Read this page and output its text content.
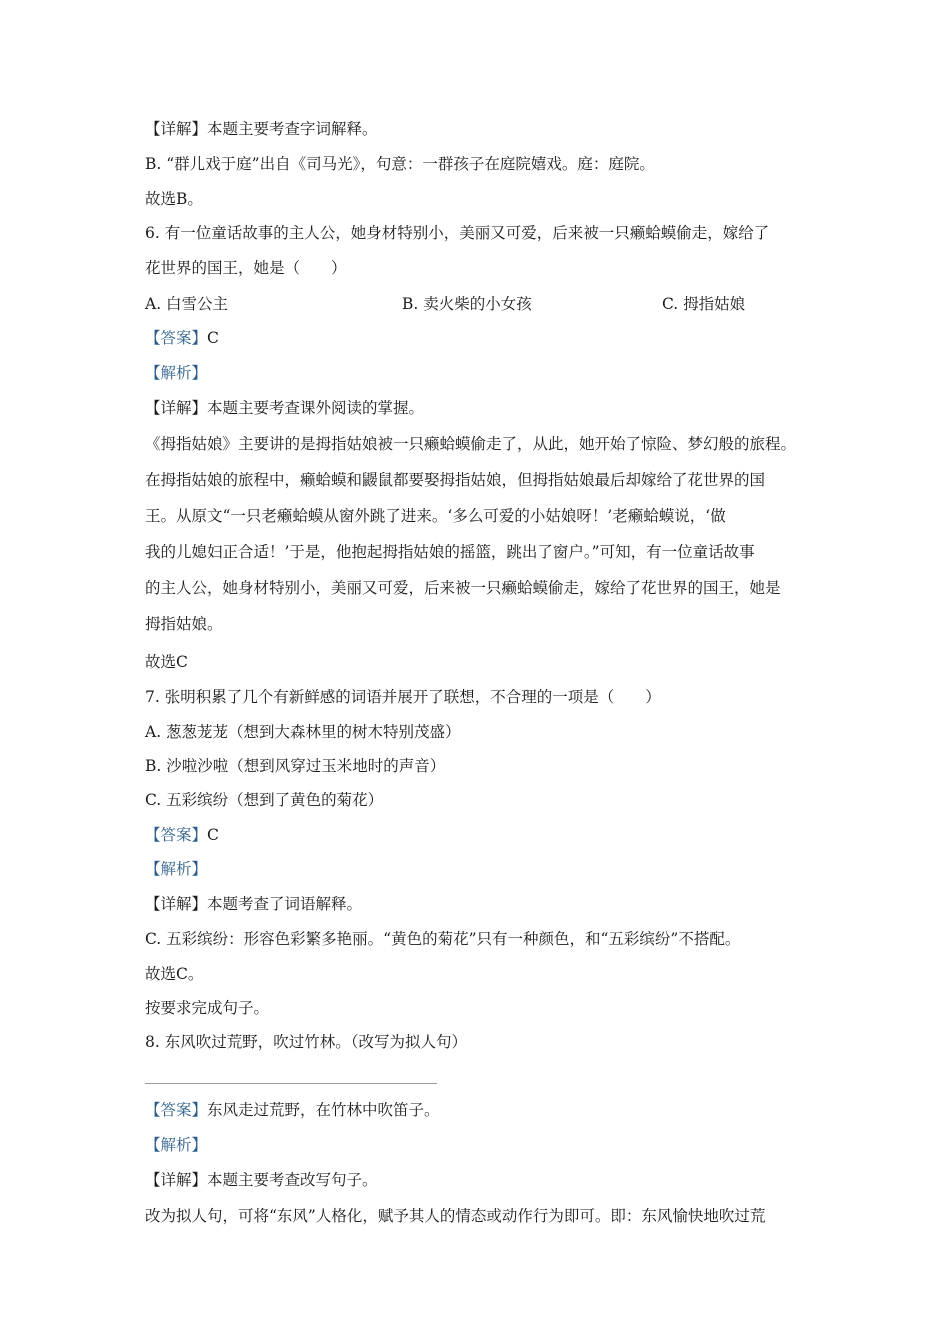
【详解】本题主要考查字词解释。
B. “群儿戏于庭”出自《司马光》，句意：一群孩子在庭院嬉戏。庭：庭院。
故选B。
6. 有一位童话故事的主人公，她身材特别小，美丽又可爱，后来被一只癞蛤蟆偷走，嫁给了
花世界的国王，她是（　　）
A. 白雪公主	B. 卖火柴的小女孩	C. 拇指姑娘
【答案】C
【解析】
【详解】本题主要考查课外阅读的掌握。
《拇指姑娘》主要讲的是拇指姑娘被一只癞蛤蟆偷走了，从此，她开始了惊险、梦幻般的旅程。
在拇指姑娘的旅程中，癞蛤蟆和鼹鼠都要娶拇指姑娘，但拇指姑娘最后却嫁给了花世界的国
王。从原文“一只老癞蛤蟆从窗外跳了进来。‘多么可爱的小姑娘呀！’老癞蛤蟆说，‘做
我的儿媳妇正合适！’于是，他抱起拇指姑娘的摇篮，跳出了窗户。”可知，有一位童话故事
的主人公，她身材特别小，美丽又可爱，后来被一只癞蛤蟆偷走，嫁给了花世界的国王，她是
拇指姑娘。
故选C
7. 张明积累了几个有新鲜感的词语并展开了联想，不合理的一项是（　　）
A. 葱葱茏茏（想到大森林里的树木特别茂盛）
B. 沙啦沙啦（想到风穿过玉米地时的声音）
C. 五彩缤纷（想到了黄色的菊花）
【答案】C
【解析】
【详解】本题考查了词语解释。
C. 五彩缤纷：形容色彩繁多艳丽。“黄色的菊花”只有一种颜色，和“五彩缤纷”不搭配。
故选C。
按要求完成句子。
8. 东风吹过荒野，吹过竹林。（改写为拟人句）
【答案】东风走过荒野，在竹林中吹笛子。
【解析】
【详解】本题主要考查改写句子。
改为拟人句，可将“东风”人格化，赋予其人的情态或动作行为即可。即：东风愉快地吹过荒
